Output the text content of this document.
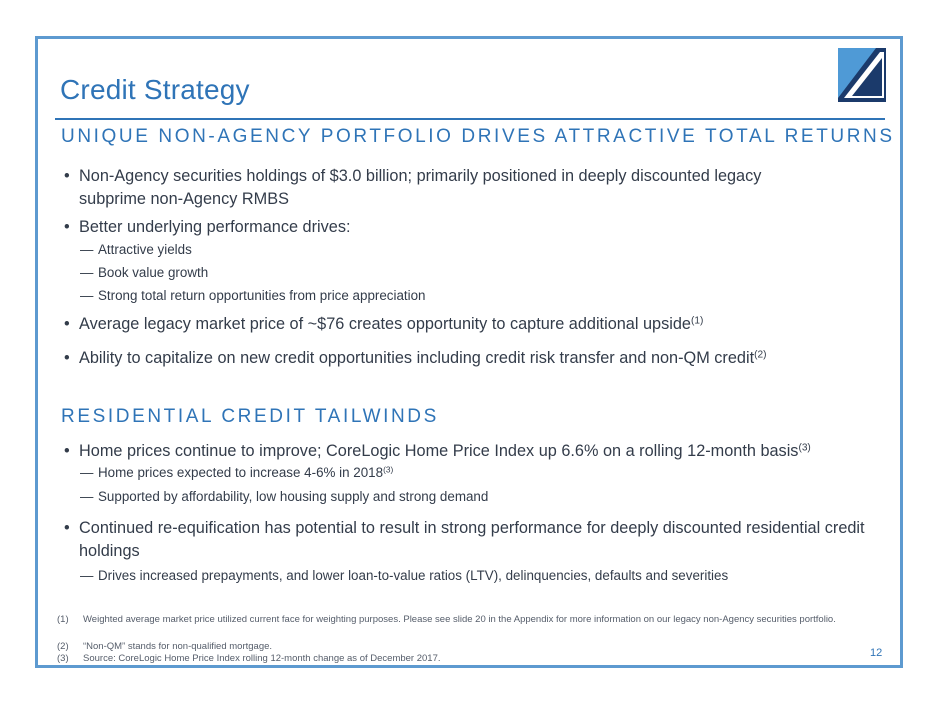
Credit Strategy
UNIQUE NON-AGENCY PORTFOLIO DRIVES ATTRACTIVE TOTAL RETURNS
• Non-Agency securities holdings of $3.0 billion; primarily positioned in deeply discounted legacy subprime non-Agency RMBS
• Better underlying performance drives:
— Attractive yields
— Book value growth
— Strong total return opportunities from price appreciation
• Average legacy market price of ~$76 creates opportunity to capture additional upside$^{(1)}$
• Ability to capitalize on new credit opportunities including credit risk transfer and non-QM credit$^{(2)}$
RESIDENTIAL CREDIT TAILWINDS
• Home prices continue to improve; CoreLogic Home Price Index up 6.6% on a rolling 12-month basis$^{(3)}$
— Home prices expected to increase 4-6% in 2018$^{(3)}$
— Supported by affordability, low housing supply and strong demand
• Continued re-equification has potential to result in strong performance for deeply discounted residential credit holdings
— Drives increased prepayments, and lower loan-to-value ratios (LTV), delinquencies, defaults and severities
(1)	Weighted average market price utilized current face for weighting purposes. Please see slide 20 in the Appendix for more information on our legacy non-Agency securities portfolio.
(2)	“Non-QM” stands for non-qualified mortgage.
(3)	Source: CoreLogic Home Price Index rolling 12-month change as of December 2017.	12
